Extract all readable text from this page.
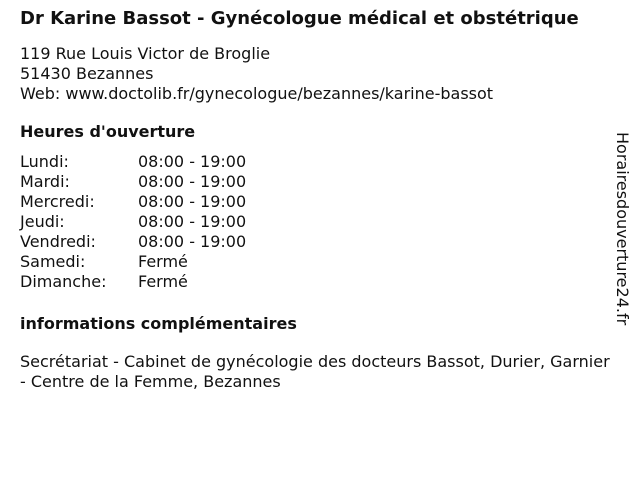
Dr Karine Bassot - Gynécologue médical et obstétrique
119 Rue Louis Victor de Broglie
51430 Bezannes
Web: www.doctolib.fr/gynecologue/bezannes/karine-bassot
Heures d'ouverture
Lundi:	08:00 - 19:00
Mardi:	08:00 - 19:00
Mercredi:	08:00 - 19:00
Jeudi:	08:00 - 19:00
Vendredi:	08:00 - 19:00
Samedi:	Fermé
Dimanche:	Fermé
informations complémentaires
Secrétariat - Cabinet de gynécologie des docteurs Bassot, Durier, Garnier - Centre de la Femme, Bezannes
Horairesdouverture24.fr
